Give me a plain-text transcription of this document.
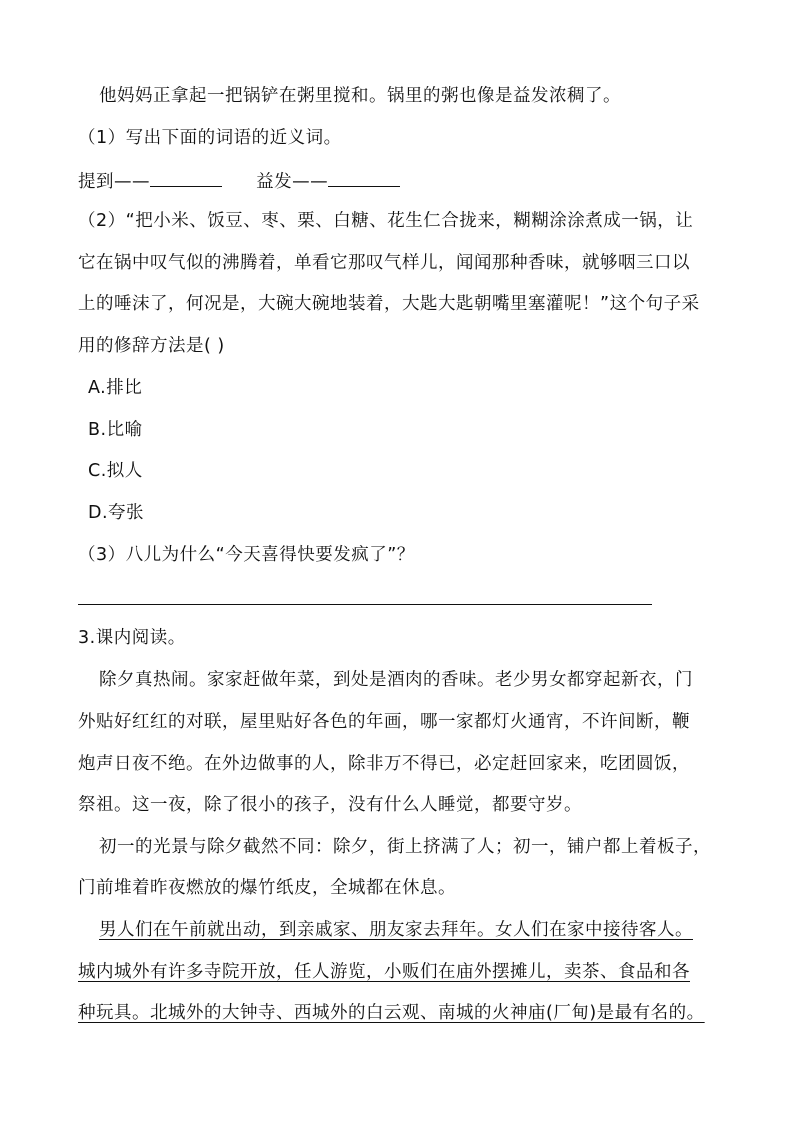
他妈妈正拿起一把锅铲在粥里搅和。锅里的粥也像是益发浓稠了。
（1）写出下面的词语的近义词。
提到——	益发——
（2）“把小米、饭豆、枣、栗、白糖、花生仁合拢来，糊糊涂涂煮成一锅，让
它在锅中叹气似的沸腾着，单看它那叹气样儿，闻闻那种香味，就够咽三口以
上的唾沫了，何况是，大碗大碗地装着，大匙大匙朝嘴里塞灌呢！”这个句子采
用的修辞方法是( )
A.排比
B.比喻
C.拟人
D.夸张
（3）八儿为什么“今天喜得快要发疯了”？
3.课内阅读。
除夕真热闹。家家赶做年菜，到处是酒肉的香味。老少男女都穿起新衣，门
外贴好红红的对联，屋里贴好各色的年画，哪一家都灯火通宵，不许间断，鞭
炮声日夜不绝。在外边做事的人，除非万不得已，必定赶回家来，吃团圆饭，
祭祖。这一夜，除了很小的孩子，没有什么人睡觉，都要守岁。
初一的光景与除夕截然不同：除夕，街上挤满了人；初一，铺户都上着板子，
门前堆着昨夜燃放的爆竹纸皮，全城都在休息。
男人们在午前就出动，到亲戚家、朋友家去拜年。女人们在家中接待客人。
城内城外有许多寺院开放，任人游览，小贩们在庙外摆摊儿，卖茶、食品和各
种玩具。北城外的大钟寺、西城外的白云观、南城的火神庙(厂甸)是最有名的。
